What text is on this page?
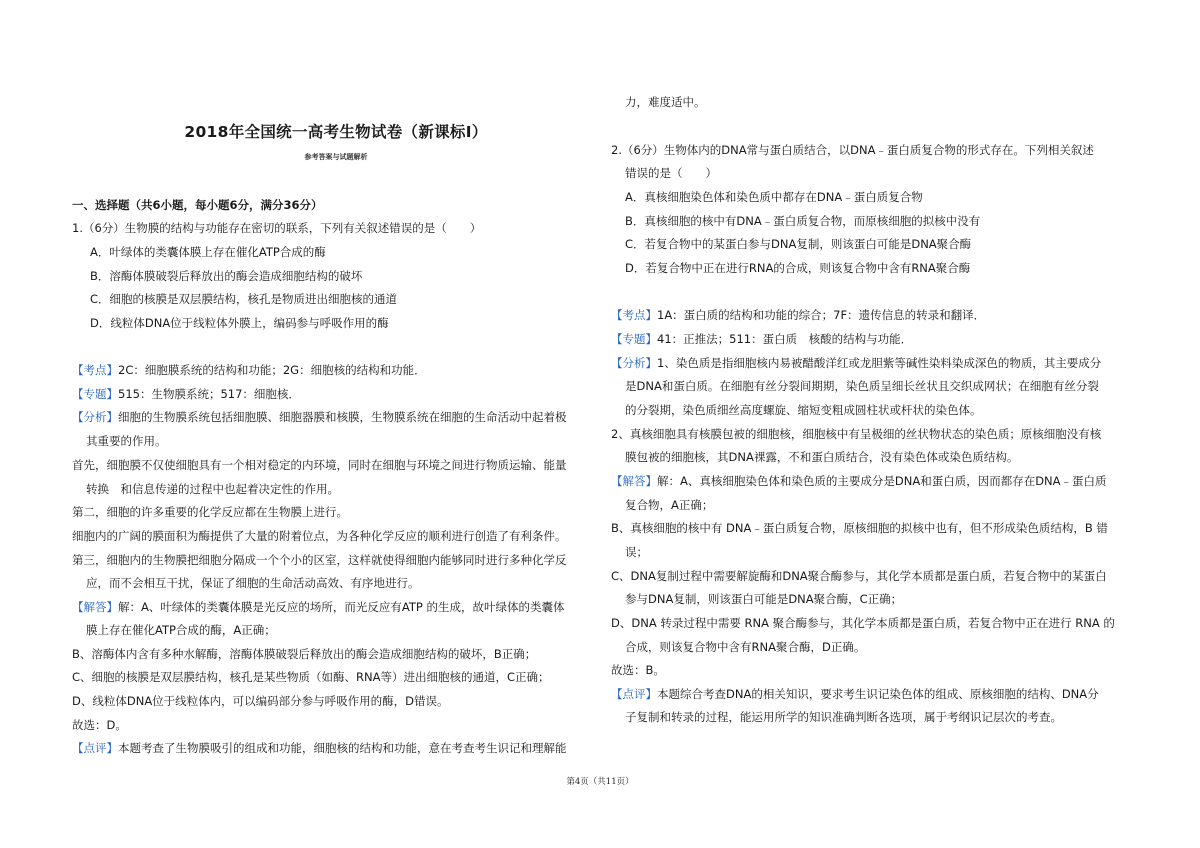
2018年全国统一高考生物试卷（新课标Ⅰ）
参考答案与试题解析
一、选择题（共6小题，每小题6分，满分36分）
1.（6分）生物膜的结构与功能存在密切的联系，下列有关叙述错误的是（　　）
A．叶绿体的类囊体膜上存在催化ATP合成的酶
B．溶酶体膜破裂后释放出的酶会造成细胞结构的破坏
C．细胞的核膜是双层膜结构，核孔是物质进出细胞核的通道
D．线粒体DNA位于线粒体外膜上，编码参与呼吸作用的酶
【考点】2C：细胞膜系统的结构和功能；2G：细胞核的结构和功能．
【专题】515：生物膜系统；517：细胞核．
【分析】细胞的生物膜系统包括细胞膜、细胞器膜和核膜，生物膜系统在细胞的生命活动中起着极
其重要的作用。
首先，细胞膜不仅使细胞具有一个相对稳定的内环境，同时在细胞与环境之间进行物质运输、能量
转换　和信息传递的过程中也起着决定性的作用。
第二，细胞的许多重要的化学反应都在生物膜上进行。
细胞内的广阔的膜面积为酶提供了大量的附着位点，为各种化学反应的顺利进行创造了有利条件。
第三，细胞内的生物膜把细胞分隔成一个个小的区室，这样就使得细胞内能够同时进行多种化学反
应，而不会相互干扰，保证了细胞的生命活动高效、有序地进行。
【解答】解：A、叶绿体的类囊体膜是光反应的场所，而光反应有ATP 的生成，故叶绿体的类囊体
膜上存在催化ATP合成的酶，A正确；
B、溶酶体内含有多种水解酶，溶酶体膜破裂后释放出的酶会造成细胞结构的破坏，B正确；
C、细胞的核膜是双层膜结构，核孔是某些物质（如酶、RNA等）进出细胞核的通道，C正确；
D、线粒体DNA位于线粒体内，可以编码部分参与呼吸作用的酶，D错误。
故选：D。
【点评】本题考查了生物膜吸引的组成和功能，细胞核的结构和功能，意在考查考生识记和理解能
力，难度适中。
2.（6分）生物体内的DNA常与蛋白质结合，以DNA﹣蛋白质复合物的形式存在。下列相关叙述
错误的是（　　）
A．真核细胞染色体和染色质中都存在DNA﹣蛋白质复合物
B．真核细胞的核中有DNA﹣蛋白质复合物，而原核细胞的拟核中没有
C．若复合物中的某蛋白参与DNA复制，则该蛋白可能是DNA聚合酶
D．若复合物中正在进行RNA的合成，则该复合物中含有RNA聚合酶
【考点】1A：蛋白质的结构和功能的综合；7F：遗传信息的转录和翻译．
【专题】41：正推法；511：蛋白质　核酸的结构与功能．
【分析】1、染色质是指细胞核内易被醋酸洋红或龙胆紫等碱性染料染成深色的物质，其主要成分
是DNA和蛋白质。在细胞有丝分裂间期期，染色质呈细长丝状且交织成网状；在细胞有丝分裂
的分裂期，染色质细丝高度螺旋、缩短变粗成圆柱状或杆状的染色体。
2、真核细胞具有核膜包被的细胞核，细胞核中有呈极细的丝状物状态的染色质；原核细胞没有核
膜包被的细胞核，其DNA裸露，不和蛋白质结合，没有染色体或染色质结构。
【解答】解：A、真核细胞染色体和染色质的主要成分是DNA和蛋白质，因而都存在DNA﹣蛋白质
复合物，A正确；
B、真核细胞的核中有 DNA﹣蛋白质复合物，原核细胞的拟核中也有，但不形成染色质结构，B 错
误；
C、DNA复制过程中需要解旋酶和DNA聚合酶参与，其化学本质都是蛋白质，若复合物中的某蛋白
参与DNA复制，则该蛋白可能是DNA聚合酶，C正确；
D、DNA 转录过程中需要 RNA 聚合酶参与，其化学本质都是蛋白质，若复合物中正在进行 RNA 的
合成，则该复合物中含有RNA聚合酶，D正确。
故选：B。
【点评】本题综合考查DNA的相关知识，要求考生识记染色体的组成、原核细胞的结构、DNA分
子复制和转录的过程，能运用所学的知识准确判断各选项，属于考纲识记层次的考查。
第4页（共11页）
